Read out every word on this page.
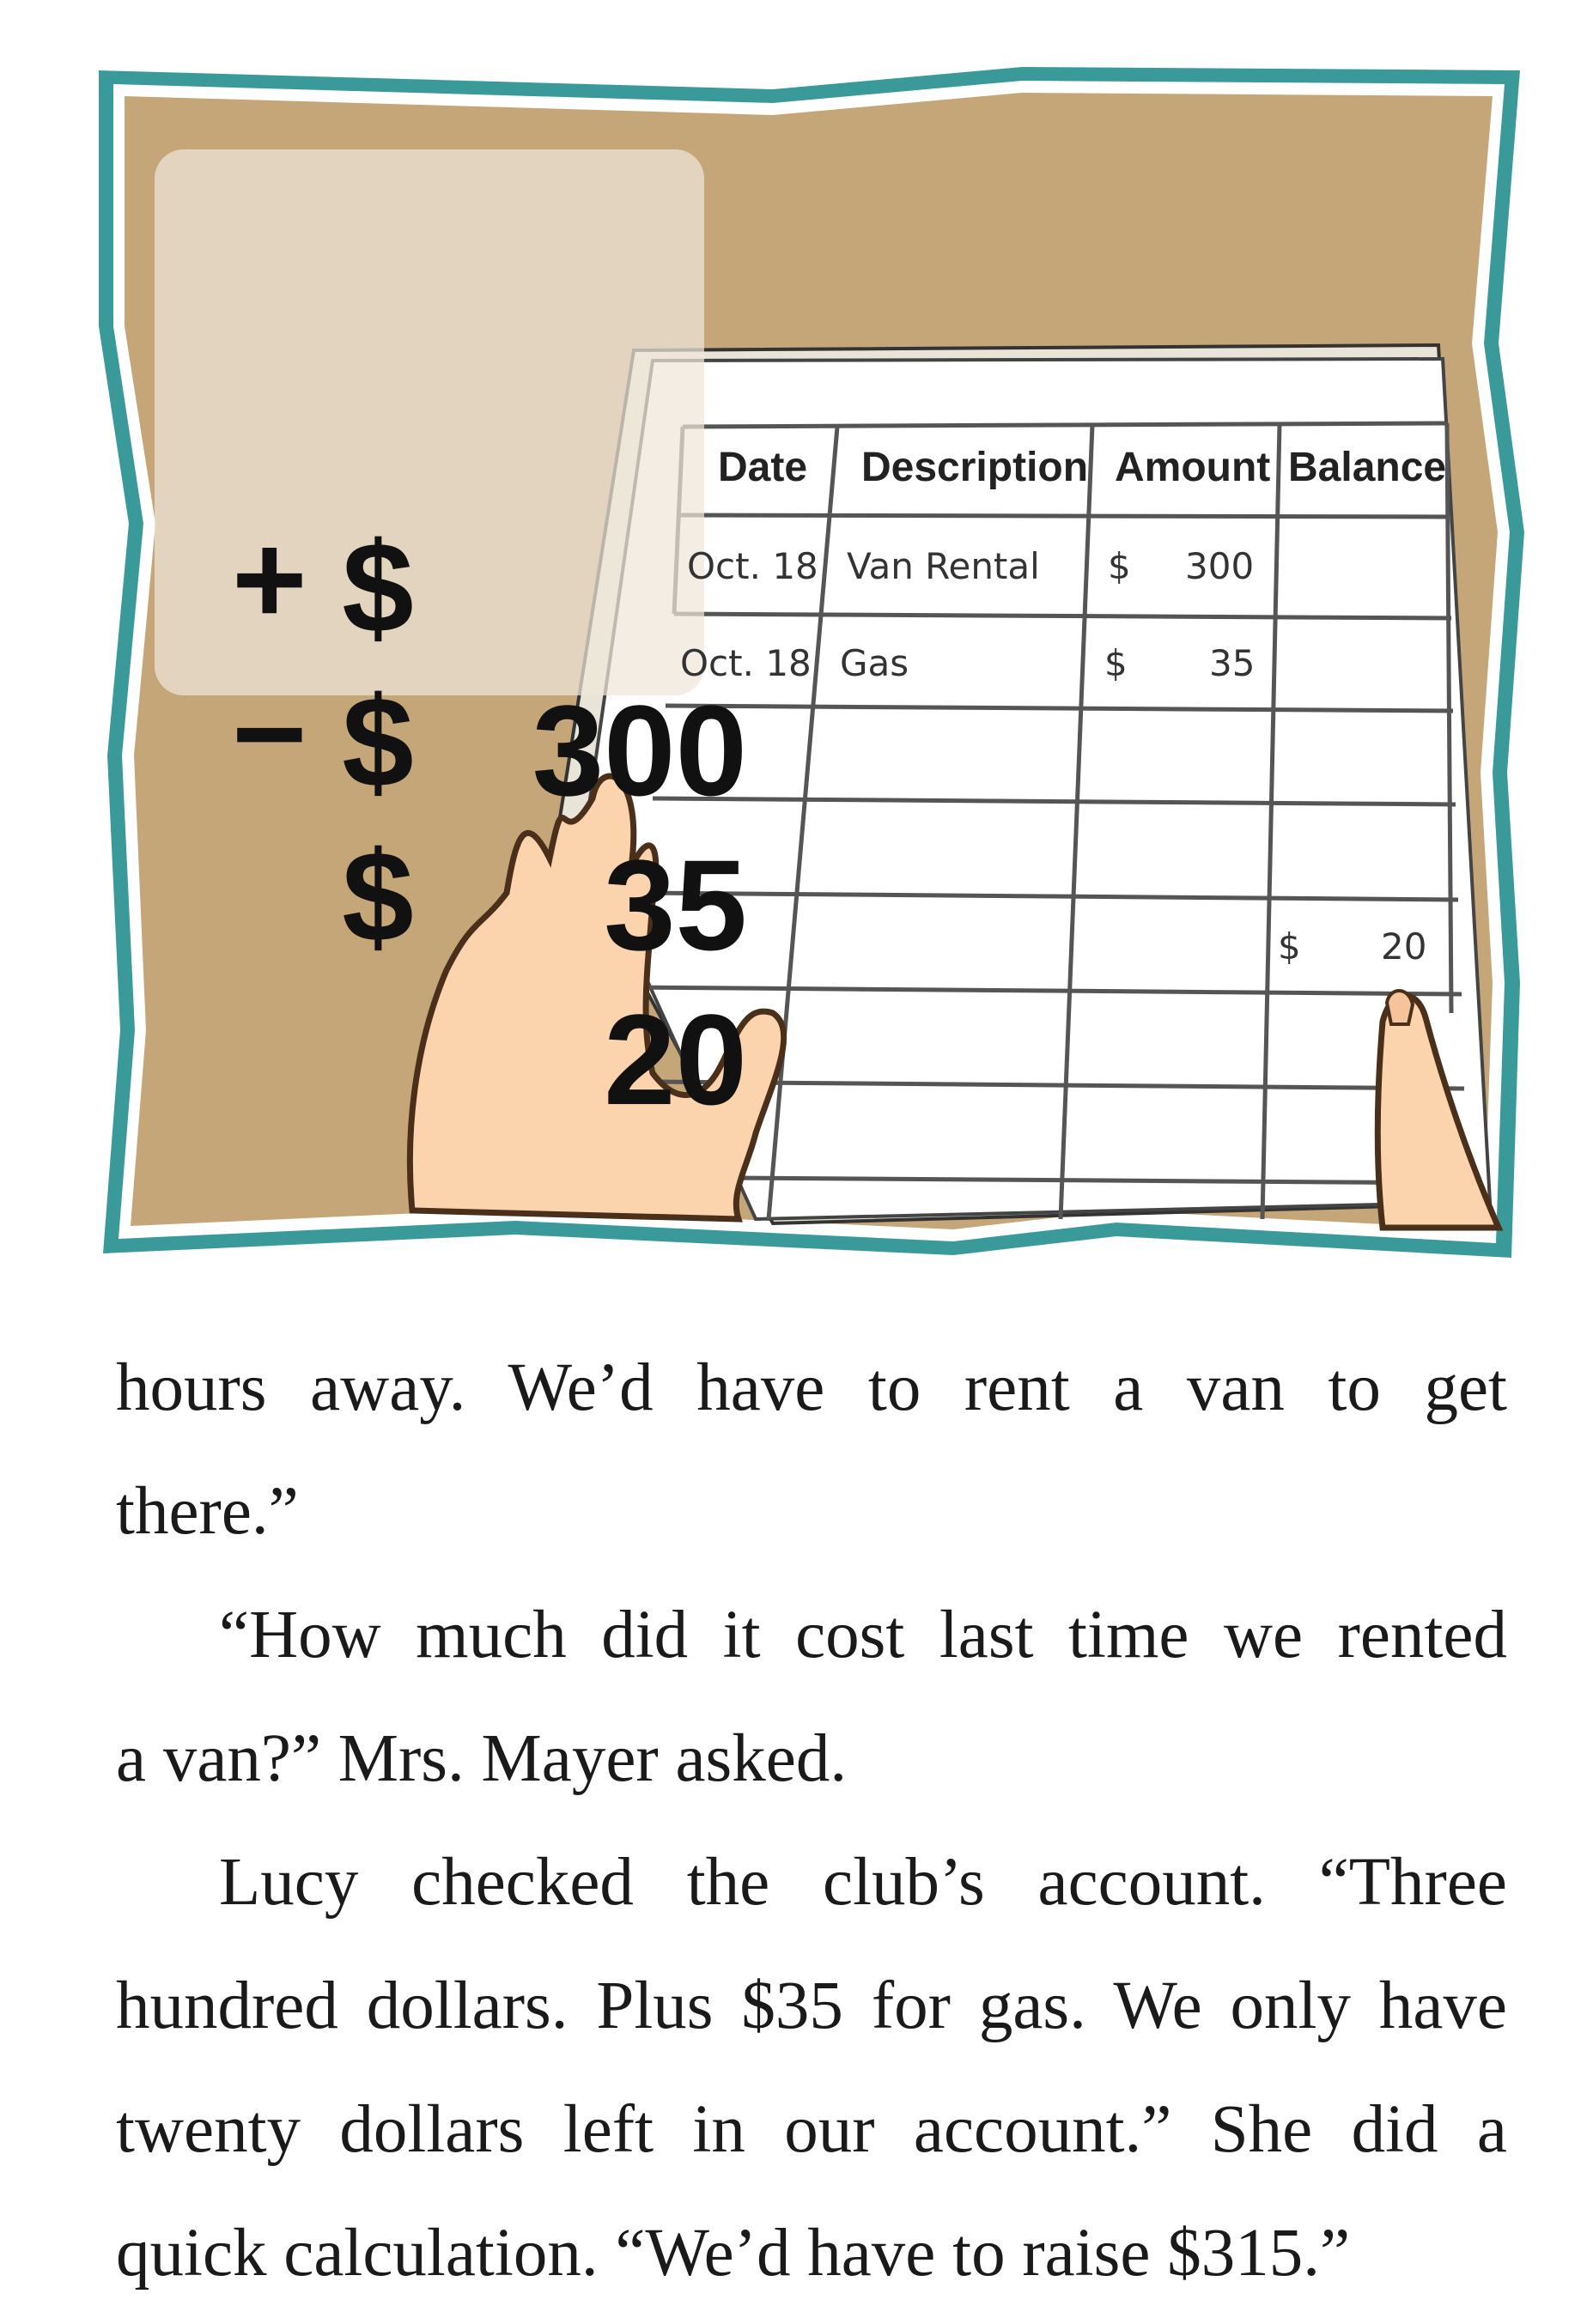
$

300

+

$

35

−

$

20

Date Description Amount Balance
Oct. 18 Van Rental $ 300
Oct. 18 Gas	$ 35
$ 20

hours away. We’d have to rent a van to get
there.”

“How much did it cost last time we rented
a van?” Mrs. Mayer asked.

Lucy checked the club’s account. “Three
hundred dollars. Plus $35 for gas. We only have
twenty dollars left in our account.” She did a
quick calculation. “We’d have to raise $315.”
